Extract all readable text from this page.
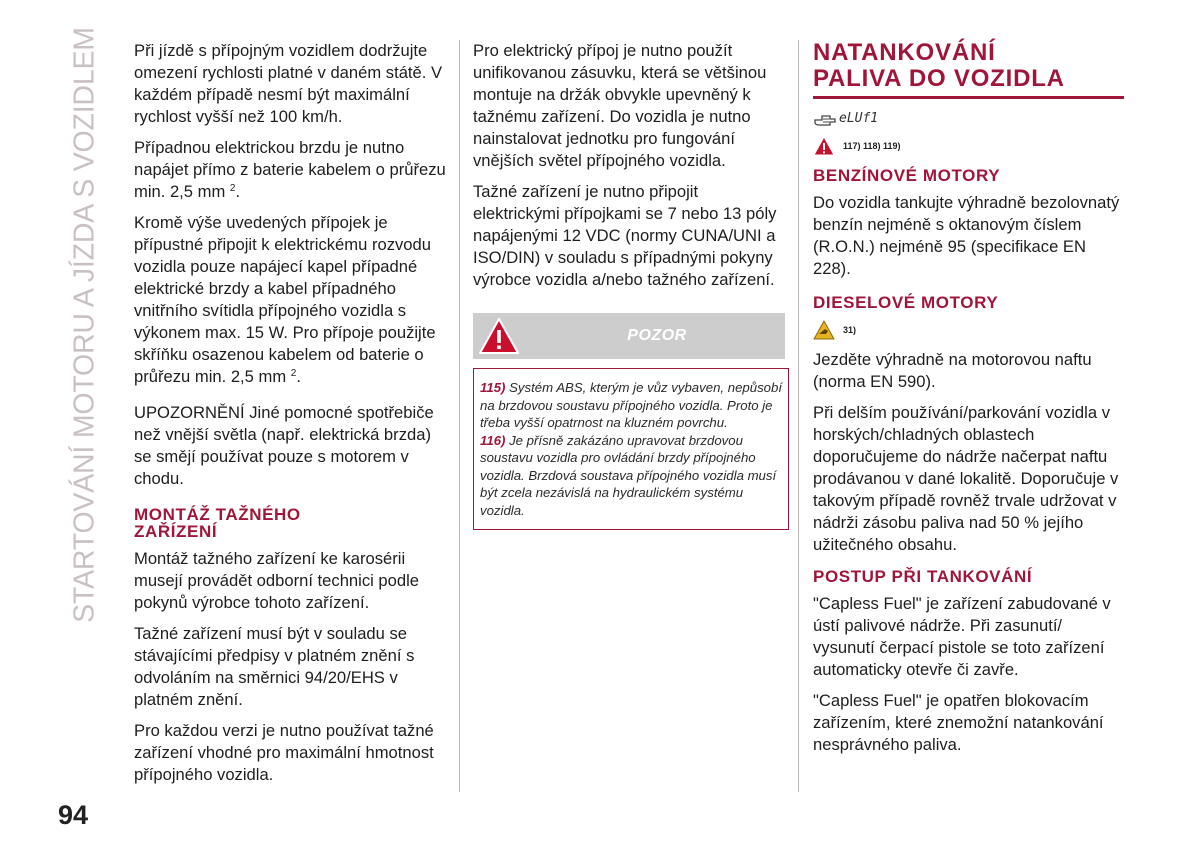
STARTOVÁNÍ MOTORU A JÍZDA S VOZIDLEM Při jízdě s přípojným vozidlem dodržujte omezení rychlosti platné v daném státě. V každém případě nesmí být maximální rychlost vyšší než 100 km/h.

Případnou elektrickou brzdu je nutno napájet přímo z baterie kabelem o průřezu min. 2,5 mm $^2$.

Kromě výše uvedených přípojek je přípustné připojit k elektrickému rozvodu vozidla pouze napájecí kapel případné elektrické brzdy a kabel případného vnitřního svítidla přípojného vozidla s výkonem max. 15 W. Pro přípoje použijte skříňku osazenou kabelem od baterie o průřezu min. 2,5 mm $^2$.

UPOZORNĚNÍ Jiné pomocné spotřebiče než vnější světla (např. elektrická brzda) se smějí používat pouze s motorem v chodu.

MONTÁŽ TAŽNÉHO
ZAŘÍZENÍ

Montáž tažného zařízení ke karosérii musejí provádět odborní technici podle pokynů výrobce tohoto zařízení.

Tažné zařízení musí být v souladu se stávajícími předpisy v platném znění s odvoláním na směrnici 94/20/EHS v platném znění.

Pro každou verzi je nutno používat tažné zařízení vhodné pro maximální hmotnost přípojného vozidla.

Pro elektrický přípoj je nutno použít unifikovanou zásuvku, která se většinou montuje na držák obvykle upevněný k tažnému zařízení. Do vozidla je nutno nainstalovat jednotku pro fungování vnějších světel přípojného vozidla.

Tažné zařízení je nutno připojit elektrickými přípojkami se 7 nebo 13 póly napájenými 12 VDC (normy CUNA/UNI a ISO/DIN) v souladu s případnými pokyny výrobce vozidla a/nebo tažného zařízení.

POZOR

115) Systém ABS, kterým je vůz vybaven, nepůsobí na brzdovou soustavu přípojného vozidla. Proto je třeba vyšší opatrnost na kluzném povrchu.

116) Je přísně zakázáno upravovat brzdovou soustavu vozidla pro ovládání brzdy přípojného vozidla. Brzdová soustava přípojného vozidla musí být zcela nezávislá na hydraulickém systému vozidla.

NATANKOVÁNÍ
PALIVA DO VOZIDLA
eLUf1
117) 118) 119)
BENZÍNOVÉ MOTORY

Do vozidla tankujte výhradně bezolovnatý benzín nejméně s oktanovým číslem (R.O.N.) nejméně 95 (specifikace EN 228).

DIESELOVÉ MOTORY
31)

Jezděte výhradně na motorovou naftu (norma EN 590).

Při delším používání/parkování vozidla v horských/chladných oblastech doporučujeme do nádrže načerpat naftu prodávanou v dané lokalitě. Doporučuje v takovým případě rovněž trvale udržovat v nádrži zásobu paliva nad 50 % jejího užitečného obsahu.

POSTUP PŘI TANKOVÁNÍ

"Capless Fuel" je zařízení zabudované v ústí palivové nádrže. Při zasunutí/ vysunutí čerpací pistole se toto zařízení automaticky otevře či zavře.

"Capless Fuel" je opatřen blokovacím zařízením, které znemožní natankování nesprávného paliva.

94
